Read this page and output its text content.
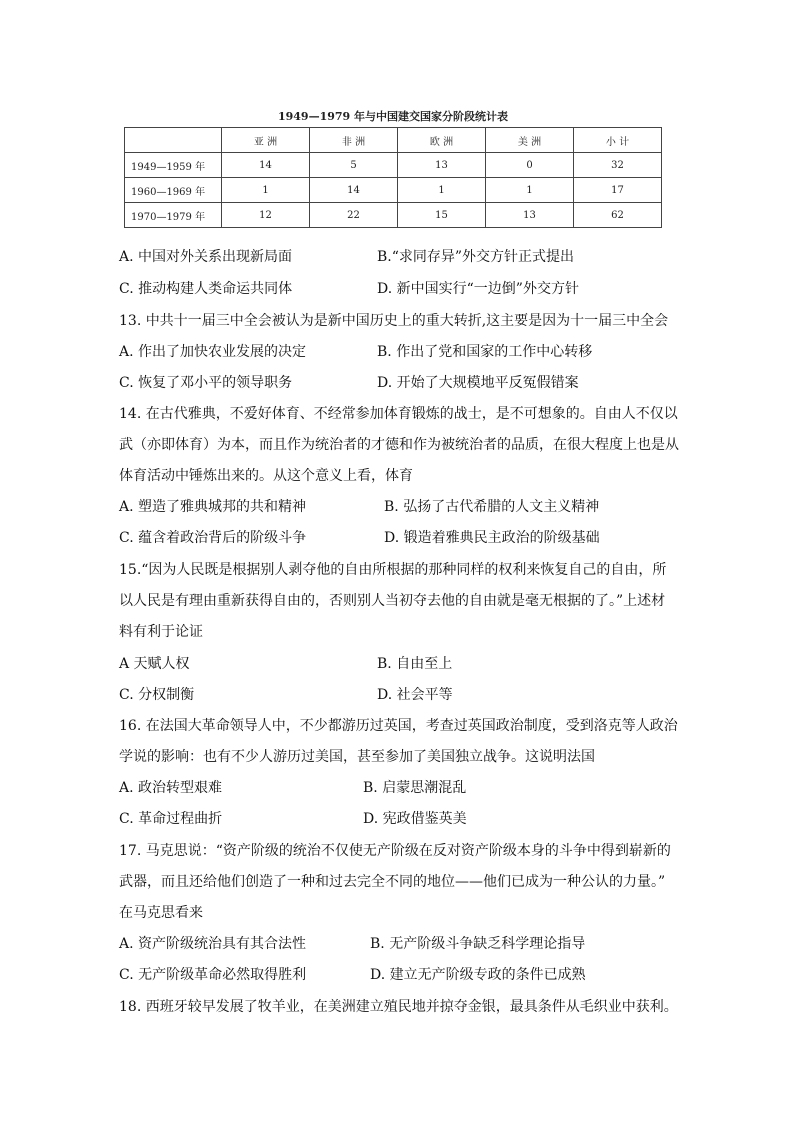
1949—1979 年与中国建交国家分阶段统计表
	亚 洲	非 洲	欧 洲	美 洲	小 计
1949—1959 年	14	5	13	0	32
1960—1969 年	1	14	1	1	17
1970—1979 年	12	22	15	13	62
A. 中国对外关系出现新局面	B.“求同存异”外交方针正式提出
C. 推动构建人类命运共同体	D. 新中国实行“一边倒”外交方针
13. 中共十一届三中全会被认为是新中国历史上的重大转折,这主要是因为十一届三中全会
A. 作出了加快农业发展的决定	B. 作出了党和国家的工作中心转移
C. 恢复了邓小平的领导职务	D. 开始了大规模地平反冤假错案
14. 在古代雅典，不爱好体育、不经常参加体育锻炼的战士，是不可想象的。自由人不仅以
武（亦即体育）为本，而且作为统治者的才德和作为被统治者的品质，在很大程度上也是从
体育活动中锤炼出来的。从这个意义上看，体育
A. 塑造了雅典城邦的共和精神	B. 弘扬了古代希腊的人文主义精神
C. 蕴含着政治背后的阶级斗争	D. 锻造着雅典民主政治的阶级基础
15.“因为人民既是根据别人剥夺他的自由所根据的那种同样的权利来恢复自己的自由，所
以人民是有理由重新获得自由的，否则别人当初夺去他的自由就是毫无根据的了。”上述材
料有利于论证
A 天赋人权	B. 自由至上
C. 分权制衡	D. 社会平等
16. 在法国大革命领导人中，不少都游历过英国，考查过英国政治制度，受到洛克等人政治
学说的影响：也有不少人游历过美国，甚至参加了美国独立战争。这说明法国
A. 政治转型艰难	B. 启蒙思潮混乱
C. 革命过程曲折	D. 宪政借鉴英美
17. 马克思说：“资产阶级的统治不仅使无产阶级在反对资产阶级本身的斗争中得到崭新的
武器，而且还给他们创造了一种和过去完全不同的地位——他们已成为一种公认的力量。”
在马克思看来
A. 资产阶级统治具有其合法性	B. 无产阶级斗争缺乏科学理论指导
C. 无产阶级革命必然取得胜利	D. 建立无产阶级专政的条件已成熟
18. 西班牙较早发展了牧羊业，在美洲建立殖民地并掠夺金银，最具条件从毛织业中获利。
